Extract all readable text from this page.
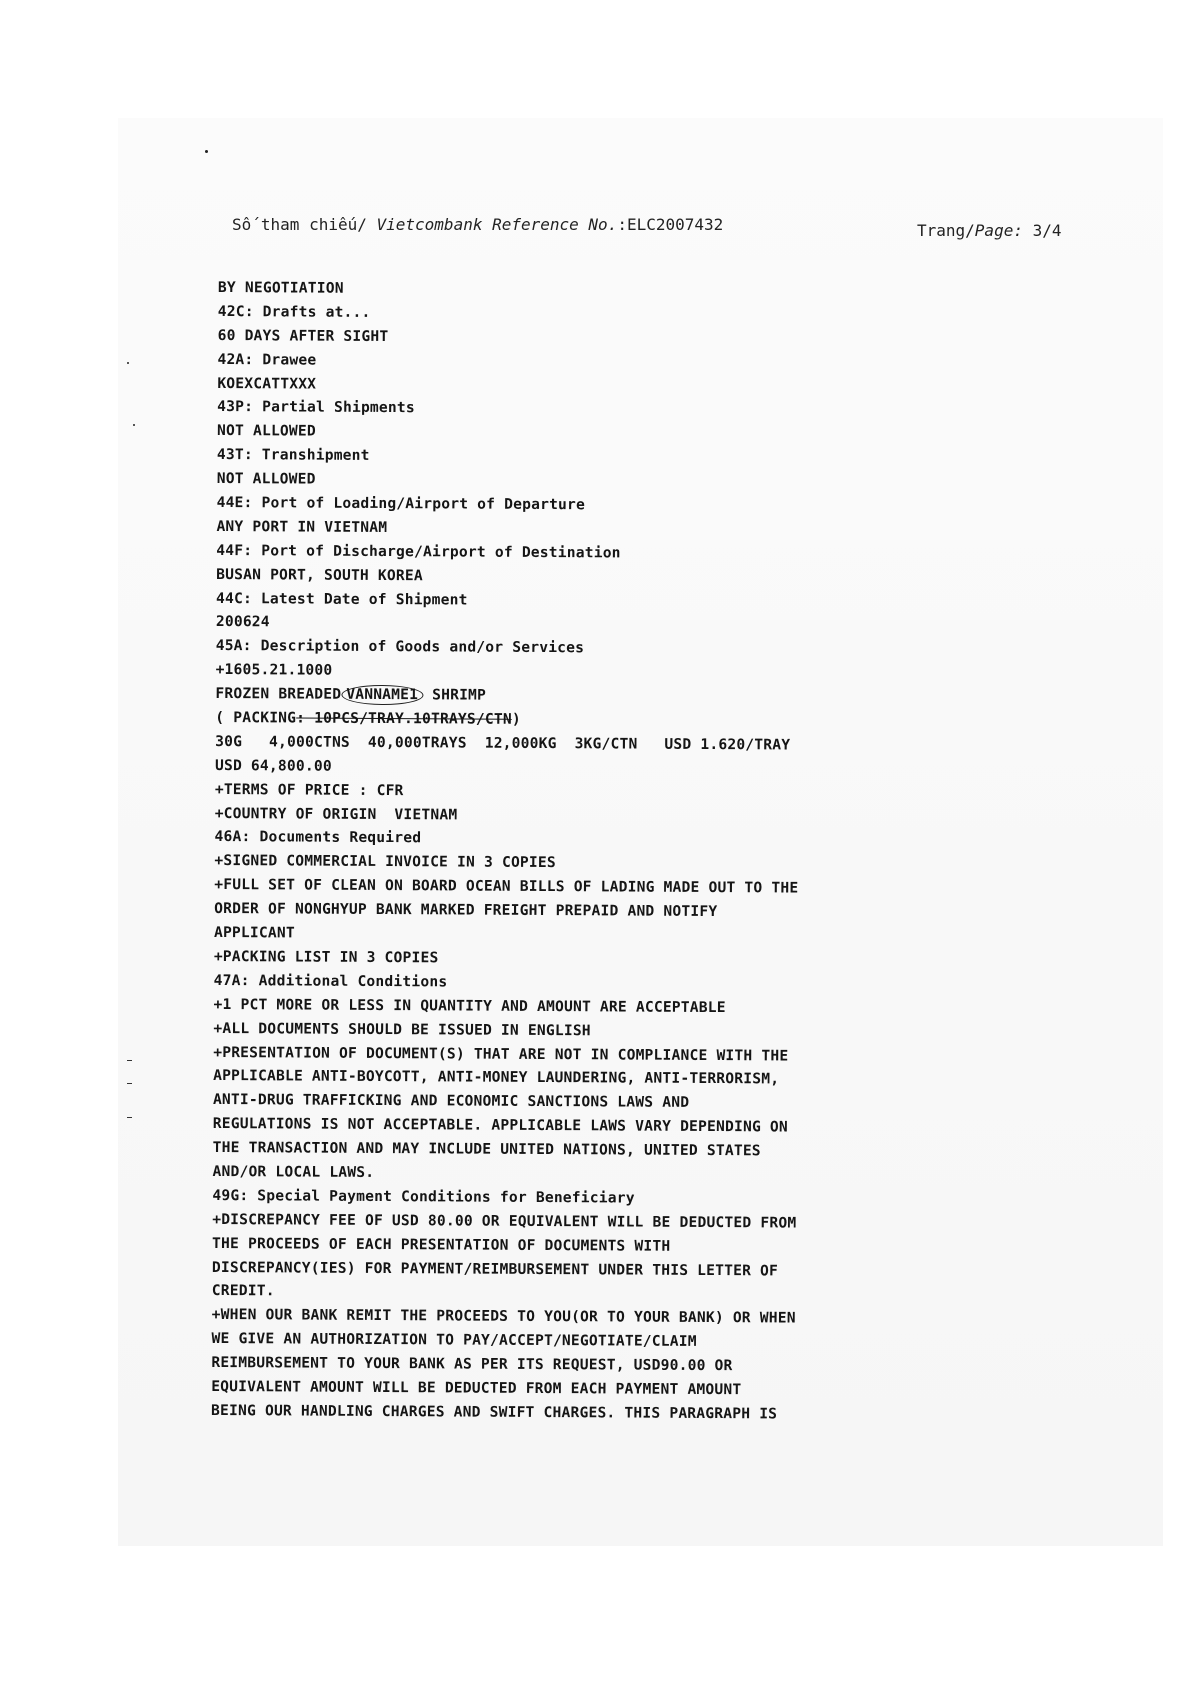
Số tham chiếu/ Vietcombank Reference No.:ELC2007432	Trang/Page: 3/4
BY NEGOTIATION
42C: Drafts at...
60 DAYS AFTER SIGHT
42A: Drawee
KOEXCATTXXX
43P: Partial Shipments
NOT ALLOWED
43T: Transhipment
NOT ALLOWED
44E: Port of Loading/Airport of Departure
ANY PORT IN VIETNAM
44F: Port of Discharge/Airport of Destination
BUSAN PORT, SOUTH KOREA
44C: Latest Date of Shipment
200624
45A: Description of Goods and/or Services
+1605.21.1000
FROZEN BREADED VANNAME1 SHRIMP
( PACKING: 10PCS/TRAY.10TRAYS/CTN)
30G   4,000CTNS  40,000TRAYS  12,000KG  3KG/CTN   USD 1.620/TRAY
USD 64,800.00
+TERMS OF PRICE : CFR
+COUNTRY OF ORIGIN  VIETNAM
46A: Documents Required
+SIGNED COMMERCIAL INVOICE IN 3 COPIES
+FULL SET OF CLEAN ON BOARD OCEAN BILLS OF LADING MADE OUT TO THE
ORDER OF NONGHYUP BANK MARKED FREIGHT PREPAID AND NOTIFY
APPLICANT
+PACKING LIST IN 3 COPIES
47A: Additional Conditions
+1 PCT MORE OR LESS IN QUANTITY AND AMOUNT ARE ACCEPTABLE
+ALL DOCUMENTS SHOULD BE ISSUED IN ENGLISH
+PRESENTATION OF DOCUMENT(S) THAT ARE NOT IN COMPLIANCE WITH THE
APPLICABLE ANTI-BOYCOTT, ANTI-MONEY LAUNDERING, ANTI-TERRORISM,
ANTI-DRUG TRAFFICKING AND ECONOMIC SANCTIONS LAWS AND
REGULATIONS IS NOT ACCEPTABLE. APPLICABLE LAWS VARY DEPENDING ON
THE TRANSACTION AND MAY INCLUDE UNITED NATIONS, UNITED STATES
AND/OR LOCAL LAWS.
49G: Special Payment Conditions for Beneficiary
+DISCREPANCY FEE OF USD 80.00 OR EQUIVALENT WILL BE DEDUCTED FROM
THE PROCEEDS OF EACH PRESENTATION OF DOCUMENTS WITH
DISCREPANCY(IES) FOR PAYMENT/REIMBURSEMENT UNDER THIS LETTER OF
CREDIT.
+WHEN OUR BANK REMIT THE PROCEEDS TO YOU(OR TO YOUR BANK) OR WHEN
WE GIVE AN AUTHORIZATION TO PAY/ACCEPT/NEGOTIATE/CLAIM
REIMBURSEMENT TO YOUR BANK AS PER ITS REQUEST, USD90.00 OR
EQUIVALENT AMOUNT WILL BE DEDUCTED FROM EACH PAYMENT AMOUNT
BEING OUR HANDLING CHARGES AND SWIFT CHARGES. THIS PARAGRAPH IS
